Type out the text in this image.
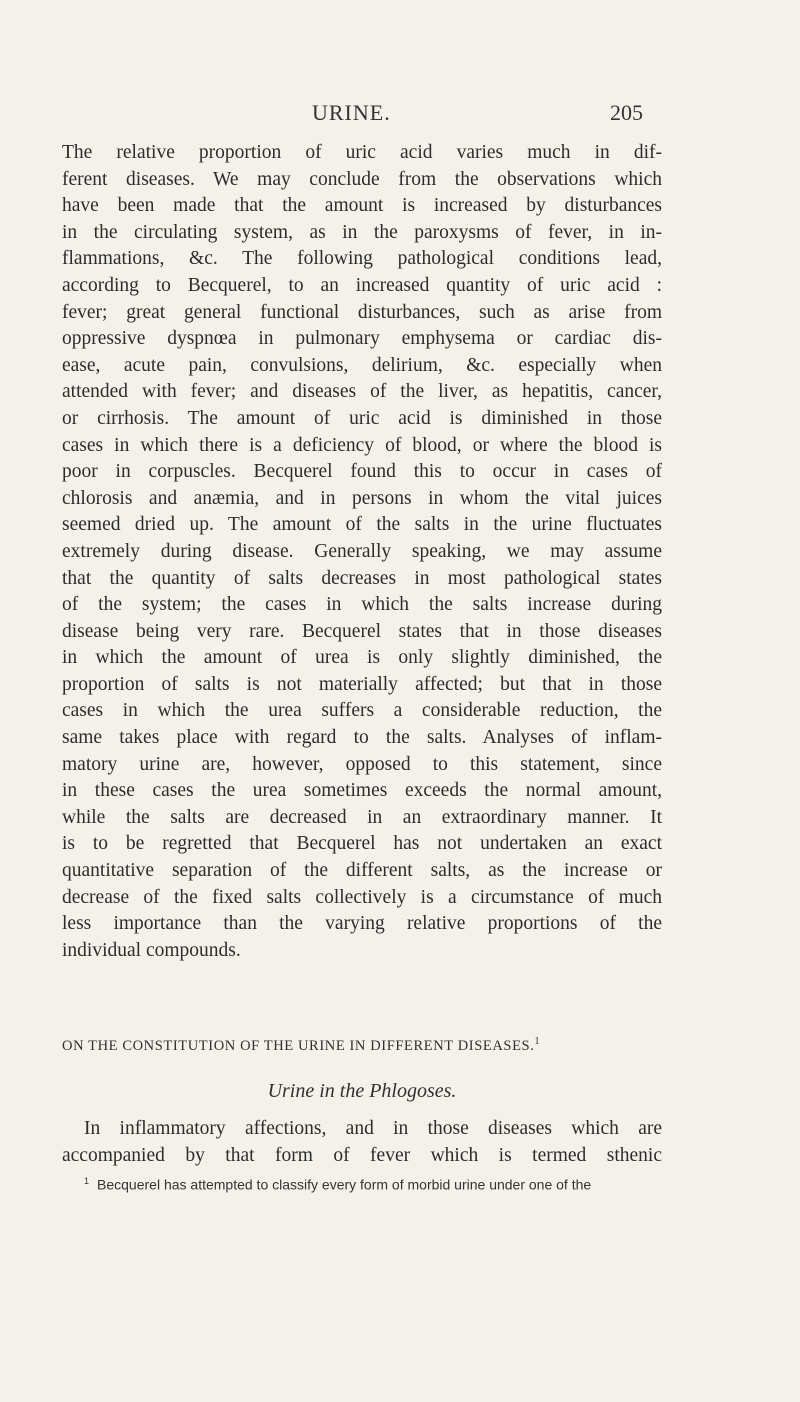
URINE.	205
The relative proportion of uric acid varies much in dif-
ferent diseases. We may conclude from the observations which
have been made that the amount is increased by disturbances
in the circulating system, as in the paroxysms of fever, in in-
flammations, &c. The following pathological conditions lead,
according to Becquerel, to an increased quantity of uric acid :
fever; great general functional disturbances, such as arise from
oppressive dyspnœa in pulmonary emphysema or cardiac dis-
ease, acute pain, convulsions, delirium, &c. especially when
attended with fever; and diseases of the liver, as hepatitis, cancer,
or cirrhosis. The amount of uric acid is diminished in those
cases in which there is a deficiency of blood, or where the blood is
poor in corpuscles. Becquerel found this to occur in cases of
chlorosis and anæmia, and in persons in whom the vital juices
seemed dried up. The amount of the salts in the urine fluctuates
extremely during disease. Generally speaking, we may assume
that the quantity of salts decreases in most pathological states
of the system; the cases in which the salts increase during
disease being very rare. Becquerel states that in those diseases
in which the amount of urea is only slightly diminished, the
proportion of salts is not materially affected; but that in those
cases in which the urea suffers a considerable reduction, the
same takes place with regard to the salts. Analyses of inflam-
matory urine are, however, opposed to this statement, since
in these cases the urea sometimes exceeds the normal amount,
while the salts are decreased in an extraordinary manner. It
is to be regretted that Becquerel has not undertaken an exact
quantitative separation of the different salts, as the increase or
decrease of the fixed salts collectively is a circumstance of much
less importance than the varying relative proportions of the
individual compounds.
ON THE CONSTITUTION OF THE URINE IN DIFFERENT DISEASES.$^1$
Urine in the Phlogoses.
In inflammatory affections, and in those diseases which are
accompanied by that form of fever which is termed sthenic
$^1$ Becquerel has attempted to classify every form of morbid urine under one of the
